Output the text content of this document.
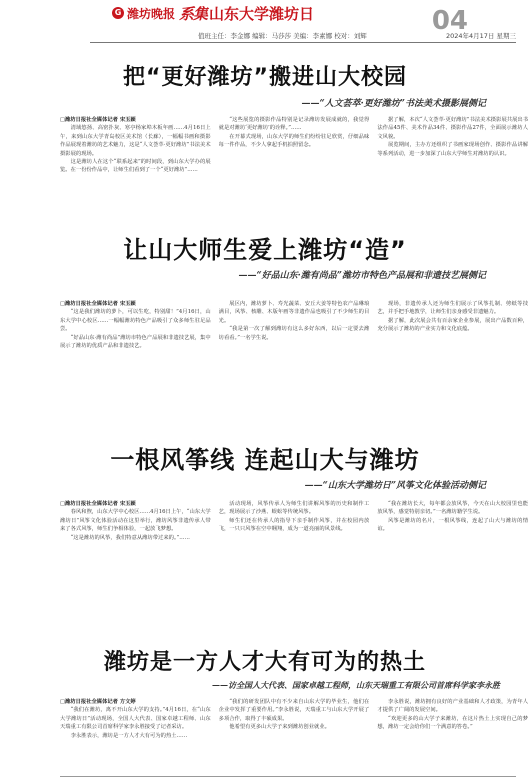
G 潍坊晚报 系集 山东大学潍坊日	04
值班主任：李金娜 编辑：马莎莎 美编：李素娜 校对：刘辉	2024年4月17日 星期三
把“更好潍坊”搬进山大校园
——“人文荟萃·更好潍坊”书法美术摄影展侧记
□潍坊日报社全媒体记者 宋玉颖

清域悠扬、高密扑灰、寒亭杨家埠木板年画……4月16日上午，来到山东大学青岛校区美术馆（长廊），一幅幅书画和摄影作品展现着潍坊的艺术魅力，这是“人文荟萃·更好潍坊”书法美术摄影展的现场。

这是潍坊人在这个“联系起来”的时间段，到山东大学办的展览。在一份份作品中，让师生们看到了一个“更好潍坊”……

“这些展览的摄影作品特别是记录潍坊发展成就的，我觉得就是对潍坊‘更好潍坊’的诠释。”……

在开幕式现场，山东大学的师生们纷纷驻足欣赏，仔细品味每一件作品，不少人拿起手机拍照留念。

据了解，本次“人文荟萃·更好潍坊”书法美术摄影展共展出书法作品45件、美术作品34件、摄影作品27件，全面展示潍坊人文风貌。

展览期间，主办方还组织了书画家现场创作、摄影作品讲解等系列活动，进一步加深了山东大学师生对潍坊的认识。

让山大师生爱上潍坊“造”
——“好品山东·潍有尚品”潍坊市特色产品展和非遗技艺展侧记
□潍坊日报社全媒体记者 宋玉颖

“这是我们潍坊的萝卜，可以生吃，特别甜！”4月16日，山东大学中心校区……一幅幅潍坊特色产品吸引了众多师生驻足品尝。

“好品山东·潍有尚品”潍坊市特色产品展和非遗技艺展，集中展示了潍坊的优质产品和非遗技艺。

展区内，潍坊萝卜、寿光蔬菜、安丘大姜等特色农产品琳琅满目，风筝、核雕、木版年画等非遗作品也吸引了不少师生的目光。

“我是第一次了解到潍坊有这么多好东西，以后一定要去潍坊看看。”一名学生说。

现场，非遗传承人还为师生们展示了风筝扎制、剪纸等技艺，并手把手地教学，让师生们亲身感受非遗魅力。

据了解，此次展会共有百余家企业参展，展出产品数百种，充分展示了潍坊的产业实力和文化底蕴。

一根风筝线 连起山大与潍坊
——“山东大学潍坊日”风筝文化体验活动侧记
□潍坊日报社全媒体记者 宋玉颖

春风和煦，山东大学中心校区……4月16日上午，“山东大学潍坊日”风筝文化体验活动在这里举行，潍坊风筝非遗传承人带来了各式风筝，师生们争相体验，一起放飞梦想。

“这是潍坊的风筝，我们特意从潍坊带过来的。”……

活动现场，风筝传承人为师生们讲解风筝的历史和制作工艺，现场展示了沙燕、蜈蚣等传统风筝。

师生们还在传承人的指导下亲手制作风筝，并在校园内放飞，一只只风筝在空中翱翔，成为一道亮丽的风景线。

“我在潍坊长大，每年都会放风筝，今天在山大校园里也能放风筝，感觉特别亲切。”一名潍坊籍学生说。

风筝是潍坊的名片，一根风筝线，连起了山大与潍坊的情谊。

潍坊是一方人才大有可为的热土
——访全国人大代表、国家卓越工程师，山东天瑞重工有限公司首席科学家李永胜
□潍坊日报社全媒体记者 方文婷

“我们在潍坊，离不开山东大学的支持。”4月16日，在“山东大学潍坊日”活动现场，全国人大代表、国家卓越工程师、山东天瑞重工有限公司首席科学家李永胜接受了记者采访。

李永胜表示，潍坊是一方人才大有可为的热土……

“我们的研发团队中有不少来自山东大学的毕业生，他们在企业中发挥了重要作用。”李永胜说，天瑞重工与山东大学开展了多项合作，取得了丰硕成果。

他希望有更多山大学子来到潍坊创业就业。

李永胜说，潍坊拥有良好的产业基础和人才政策，为青年人才提供了广阔的发展空间。

“欢迎更多的山大学子来潍坊，在这片热土上实现自己的梦想，潍坊一定会给你们一个满意的答卷。”
